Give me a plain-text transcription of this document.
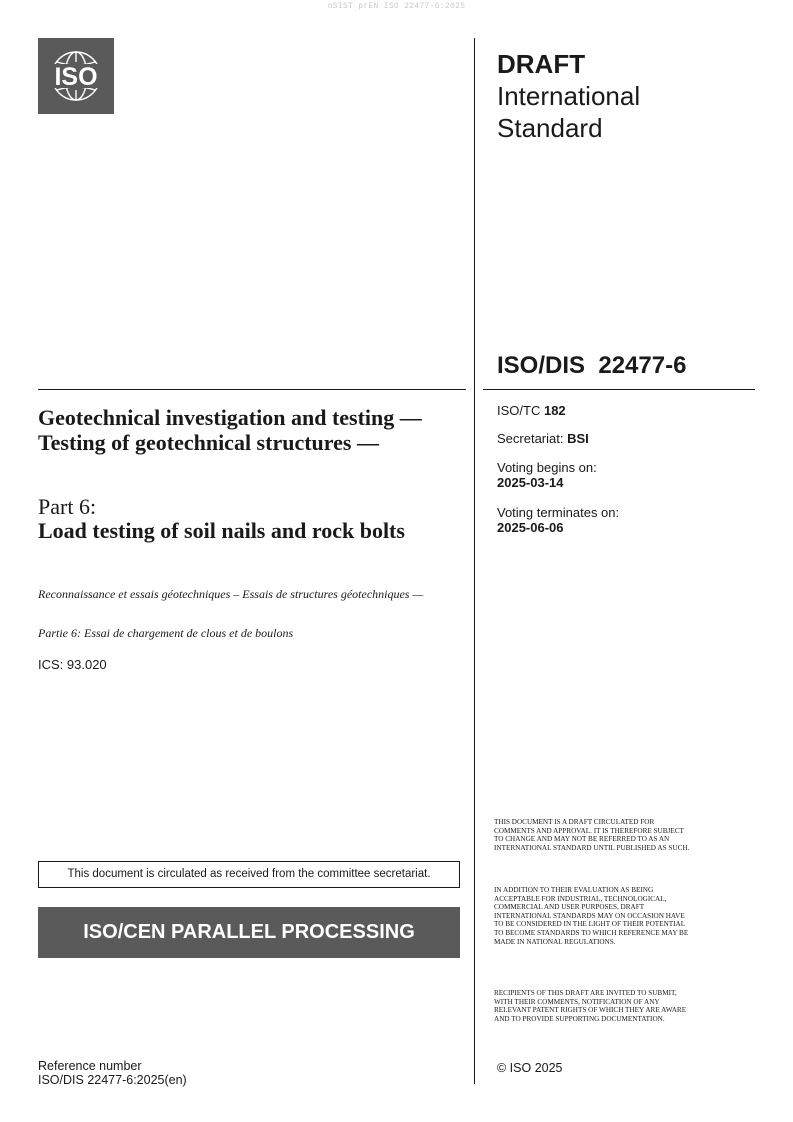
oSIST prEN ISO 22477-6:2025
ISO	DRAFT
International
Standard
ISO/DIS  22477-6
ISO/TC 182
Secretariat: BSI
Voting begins on:
2025-03-14
Voting terminates on:
2025-06-06
Geotechnical investigation and testing — Testing of geotechnical structures —
Part 6:
Load testing of soil nails and rock bolts
Reconnaissance et essais géotechniques – Essais de structures géotechniques —
Partie 6: Essai de chargement de clous et de boulons
ICS: 93.020
This document is circulated as received from the committee secretariat.
ISO/CEN PARALLEL PROCESSING
Reference number
ISO/DIS 22477-6:2025(en)
THIS DOCUMENT IS A DRAFT CIRCULATED FOR COMMENTS AND APPROVAL. IT IS THEREFORE SUBJECT TO CHANGE AND MAY NOT BE REFERRED TO AS AN INTERNATIONAL STANDARD UNTIL PUBLISHED AS SUCH.
IN ADDITION TO THEIR EVALUATION AS BEING ACCEPTABLE FOR INDUSTRIAL, TECHNOLOGICAL, COMMERCIAL AND USER PURPOSES, DRAFT INTERNATIONAL STANDARDS MAY ON OCCASION HAVE TO BE CONSIDERED IN THE LIGHT OF THEIR POTENTIAL TO BECOME STANDARDS TO WHICH REFERENCE MAY BE MADE IN NATIONAL REGULATIONS.
RECIPIENTS OF THIS DRAFT ARE INVITED TO SUBMIT, WITH THEIR COMMENTS, NOTIFICATION OF ANY RELEVANT PATENT RIGHTS OF WHICH THEY ARE AWARE AND TO PROVIDE SUPPORTING DOCUMENTATION.
© ISO 2025
